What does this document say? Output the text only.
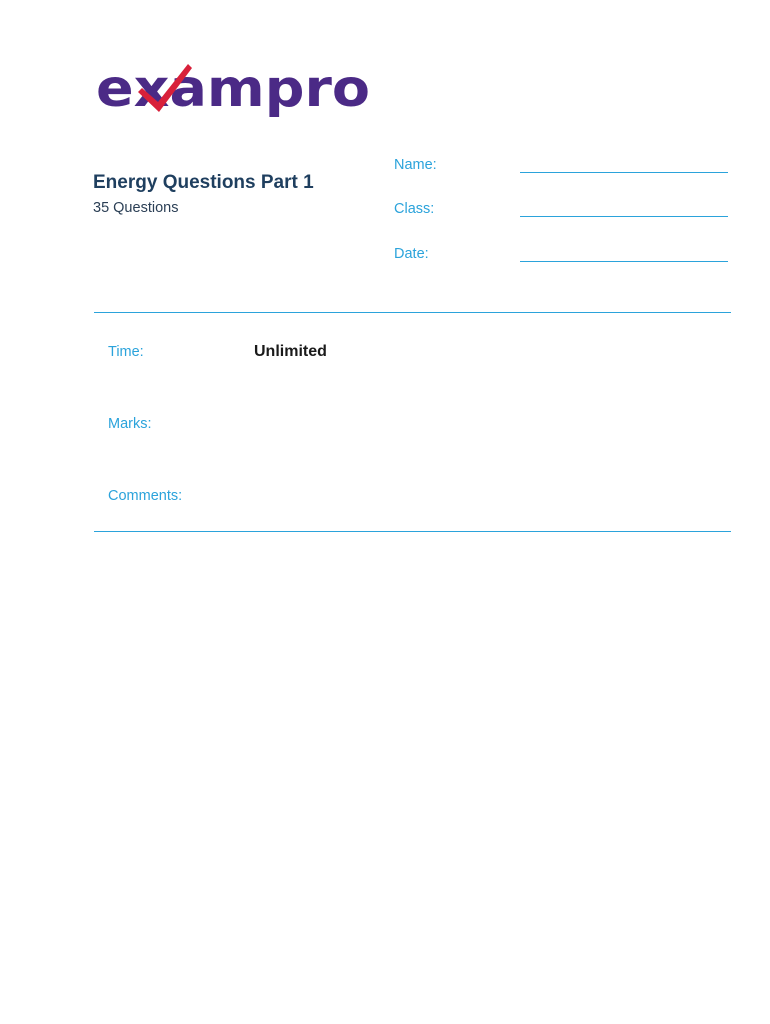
exampro
Energy Questions Part 1
35 Questions
Name:
Class:
Date:
Time:	Unlimited
Marks:
Comments:
